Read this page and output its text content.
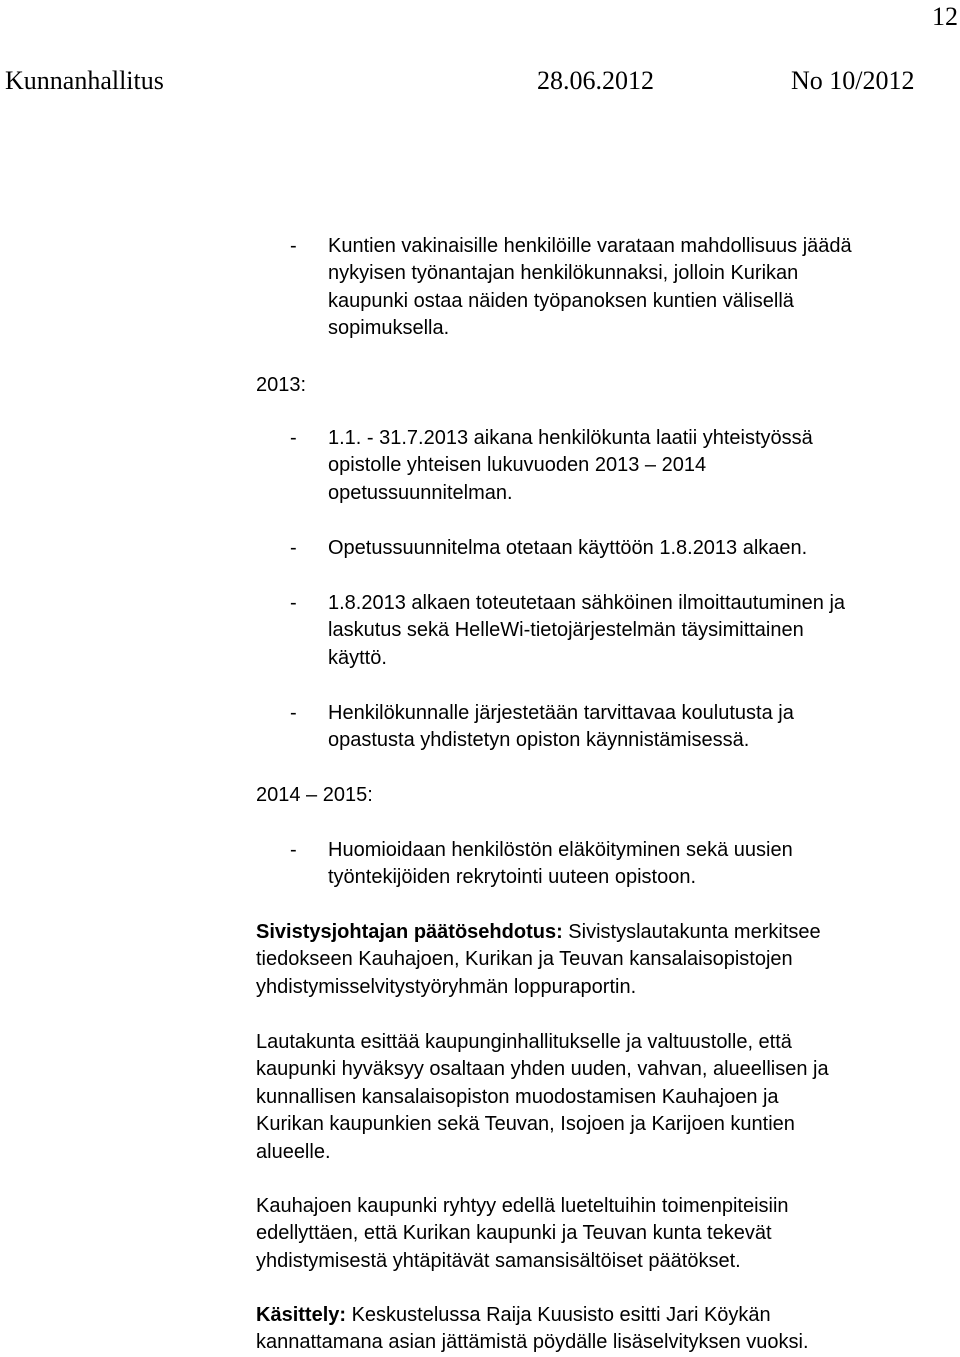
12
Kunnanhallitus	28.06.2012	No 10/2012
- Kuntien vakinaisille henkilöille varataan mahdollisuus jäädä
nykyisen työnantajan henkilökunnaksi, jolloin Kurikan
kaupunki ostaa näiden työpanoksen kuntien välisellä
sopimuksella.
2013:
- 1.1. - 31.7.2013 aikana henkilökunta laatii yhteistyössä
opistolle yhteisen lukuvuoden 2013 – 2014
opetussuunnitelman.
- Opetussuunnitelma otetaan käyttöön 1.8.2013 alkaen.
- 1.8.2013 alkaen toteutetaan sähköinen ilmoittautuminen ja
laskutus sekä HelleWi-tietojärjestelmän täysimittainen
käyttö.
- Henkilökunnalle järjestetään tarvittavaa koulutusta ja
opastusta yhdistetyn opiston käynnistämisessä.
2014 – 2015:
- Huomioidaan henkilöstön eläköityminen sekä uusien
työntekijöiden rekrytointi uuteen opistoon.
Sivistysjohtajan päätösehdotus: Sivistyslautakunta merkitsee
tiedokseen Kauhajoen, Kurikan ja Teuvan kansalaisopistojen
yhdistymisselvitystyöryhmän loppuraportin.
Lautakunta esittää kaupunginhallitukselle ja valtuustolle, että
kaupunki hyväksyy osaltaan yhden uuden, vahvan, alueellisen ja
kunnallisen kansalaisopiston muodostamisen Kauhajoen ja
Kurikan kaupunkien sekä Teuvan, Isojoen ja Karijoen kuntien
alueelle.
Kauhajoen kaupunki ryhtyy edellä lueteltuihin toimenpiteisiin
edellyttäen, että Kurikan kaupunki ja Teuvan kunta tekevät
yhdistymisestä yhtäpitävät samansisältöiset päätökset.
Käsittely: Keskustelussa Raija Kuusisto esitti Jari Köykän
kannattamana asian jättämistä pöydälle lisäselvityksen vuoksi.
